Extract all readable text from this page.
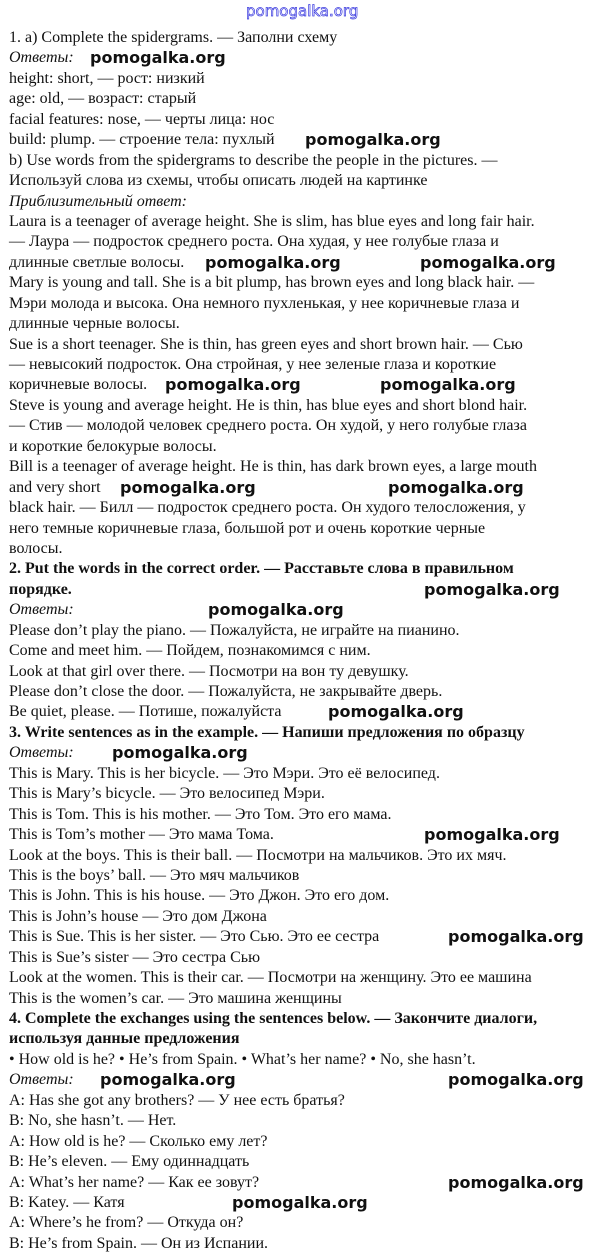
pomogalka.org
1. a) Complete the spidergrams. — Заполни схему
Ответы: pomogalka.org
height: short, — рост: низкий
age: old, — возраст: старый
facial features: nose, — черты лица: нос
build: plump. — строение тела: пухлый pomogalka.org
b) Use words from the spidergrams to describe the people in the pictures. —
Используй слова из схемы, чтобы описать людей на картинке
Приблизительный ответ:
Laura is a teenager of average height. She is slim, has blue eyes and long fair hair.
— Лаура — подросток среднего роста. Она худая, у нее голубые глаза и
длинные светлые волосы. pomogalka.org	pomogalka.org
Mary is young and tall. She is a bit plump, has brown eyes and long black hair. —
Мэри молода и высока. Она немного пухленькая, у нее коричневые глаза и
длинные черные волосы.
Sue is a short teenager. She is thin, has green eyes and short brown hair. — Сью
— невысокий подросток. Она стройная, у нее зеленые глаза и короткие
коричневые волосы. pomogalka.org	pomogalka.org
Steve is young and average height. He is thin, has blue eyes and short blond hair.
— Стив — молодой человек среднего роста. Он худой, у него голубые глаза
и короткие белокурые волосы.
Bill is a teenager of average height. He is thin, has dark brown eyes, a large mouth
and very short pomogalka.org	pomogalka.org
black hair. — Билл — подросток среднего роста. Он худого телосложения, у
него темные коричневые глаза, большой рот и очень короткие черные
волосы.
2. Put the words in the correct order. — Расставьте слова в правильном
порядке.	pomogalka.org
Ответы:	pomogalka.org
Please don’t play the piano. — Пожалуйста, не играйте на пианино.
Come and meet him. — Пойдем, познакомимся с ним.
Look at that girl over there. — Посмотри на вон ту девушку.
Please don’t close the door. — Пожалуйста, не закрывайте дверь.
Be quiet, please. — Потише, пожалуйста	pomogalka.org
3. Write sentences as in the example. — Напиши предложения по образцу
Ответы: pomogalka.org
This is Mary. This is her bicycle. — Это Мэри. Это её велосипед.
This is Mary’s bicycle. — Это велосипед Мэри.
This is Tom. This is his mother. — Это Том. Это его мама.
This is Tom’s mother — Это мама Тома.	pomogalka.org
Look at the boys. This is their ball. — Посмотри на мальчиков. Это их мяч.
This is the boys’ ball. — Это мяч мальчиков
This is John. This is his house. — Это Джон. Это его дом.
This is John’s house — Это дом Джона
This is Sue. This is her sister. — Это Сью. Это ее сестра	pomogalka.org
This is Sue’s sister — Это сестра Сью
Look at the women. This is their car. — Посмотри на женщину. Это ее машина
This is the women’s car. — Это машина женщины
4. Complete the exchanges using the sentences below. — Закончите диалоги,
используя данные предложения
• How old is he? • He’s from Spain. • What’s her name? • No, she hasn’t.
Ответы: pomogalka.org	pomogalka.org
A: Has she got any brothers? — У нее есть братья?
B: No, she hasn’t. — Нет.
A: How old is he? — Сколько ему лет?
B: He’s eleven. — Ему одиннадцать
A: What’s her name? — Как ее зовут?	pomogalka.org
B: Katey. — Катя	pomogalka.org
A: Where’s he from? — Откуда он?
B: He’s from Spain. — Он из Испании.
